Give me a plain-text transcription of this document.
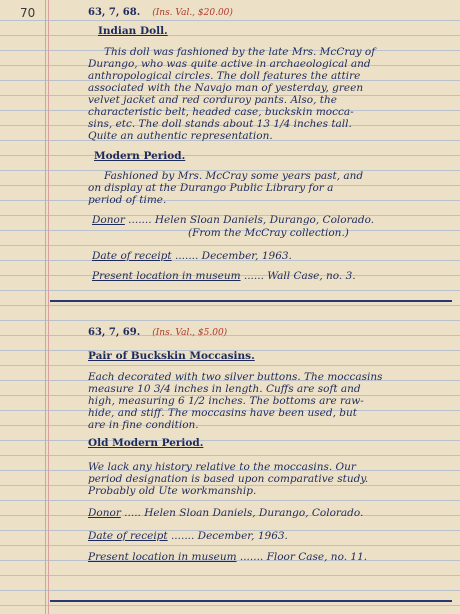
70	63, 7, 68. (Ins. Val., $20.00)
Indian Doll.
This doll was fashioned by the late Mrs. McCray of
Durango, who was quite active in archaeological and
anthropological circles. The doll features the attire
associated with the Navajo man of yesterday, green
velvet jacket and red corduroy pants. Also, the
characteristic belt, headed case, buckskin mocca-
sins, etc. The doll stands about 13 1/4 inches tall.
Quite an authentic representation.
Modern Period.
Fashioned by Mrs. McCray some years past, and
on display at the Durango Public Library for a
period of time.
Donor ....... Helen Sloan Daniels, Durango, Colorado.
(From the McCray collection.)
Date of receipt ....... December, 1963.
Present location in museum ...... Wall Case, no. 3.
63, 7, 69. (Ins. Val., $5.00)
Pair of Buckskin Moccasins.
Each decorated with two silver buttons. The moccasins
measure 10 3/4 inches in length. Cuffs are soft and
high, measuring 6 1/2 inches. The bottoms are raw-
hide, and stiff. The moccasins have been used, but
are in fine condition.
Old Modern Period.
We lack any history relative to the moccasins. Our
period designation is based upon comparative study.
Probably old Ute workmanship.
Donor ..... Helen Sloan Daniels, Durango, Colorado.
Date of receipt ....... December, 1963.
Present location in museum ....... Floor Case, no. 11.
